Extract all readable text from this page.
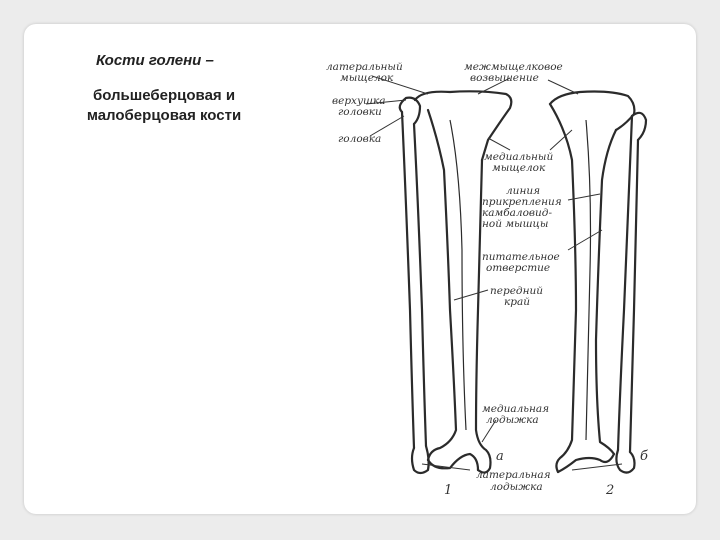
Кости голени –

большеберцовая и
малоберцовая кости

латеральный
мыщелок
верхушка
головки
головка
межмыщелковое
возвышение
медиальный
мыщелок
линия
прикрепления
камбаловид-
ной мышцы
питательное
отверстие
передний
край
медиальная
лодыжка
а	б
латеральная
лодыжка
1	2
